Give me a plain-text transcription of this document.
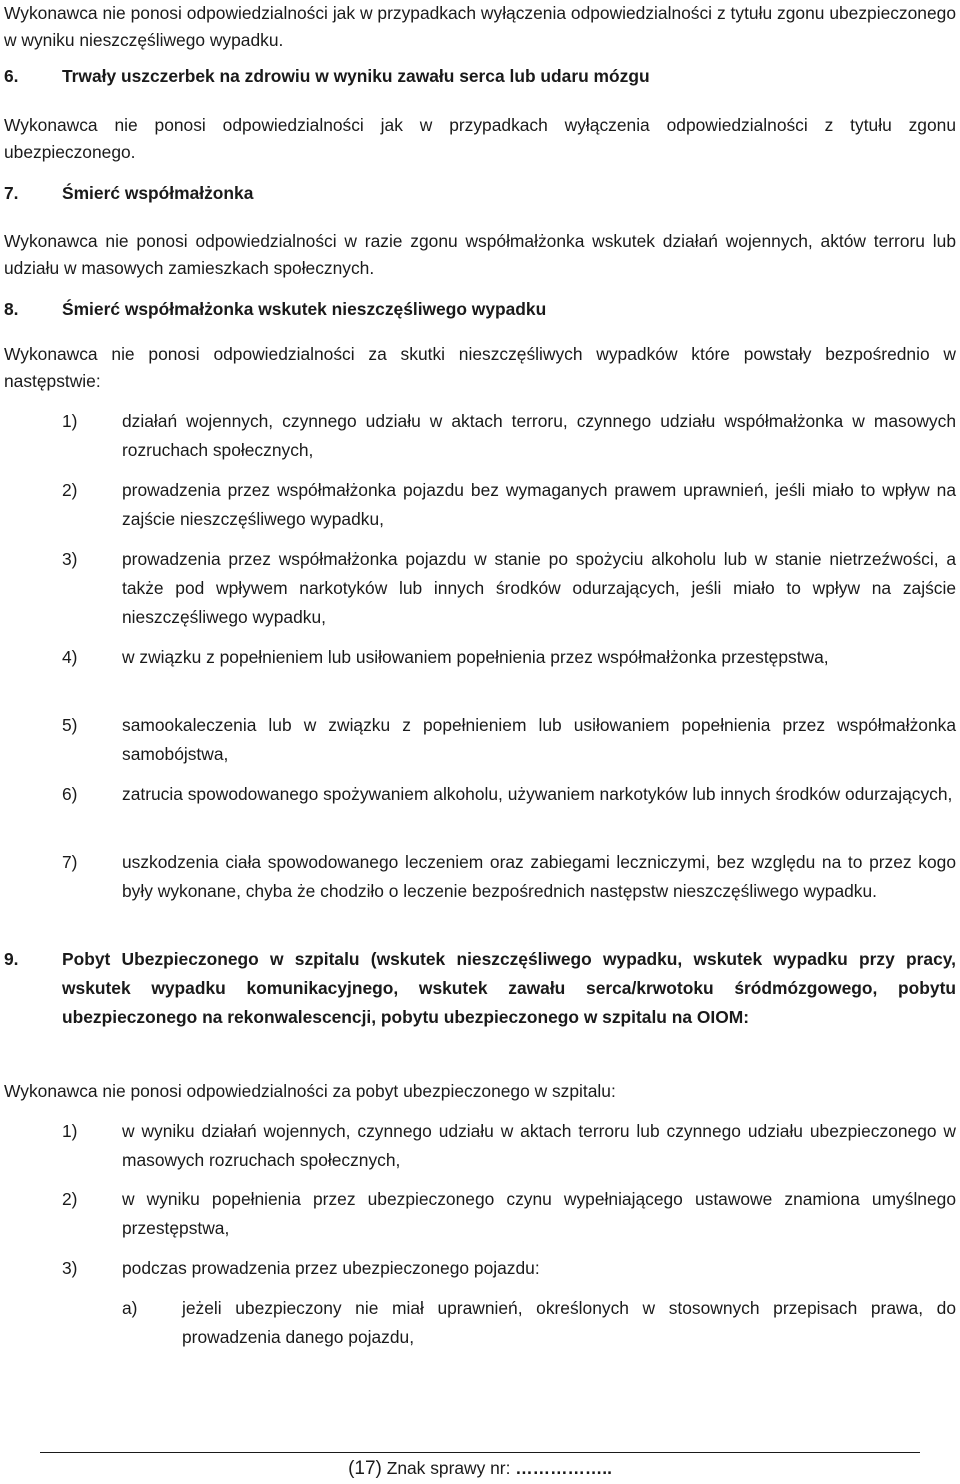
Wykonawca nie ponosi odpowiedzialności jak w przypadkach wyłączenia odpowiedzialności z tytułu zgonu ubezpieczonego w wyniku nieszczęśliwego wypadku.
6.	Trwały uszczerbek na zdrowiu w wyniku zawału serca lub udaru mózgu
Wykonawca nie ponosi odpowiedzialności jak w przypadkach wyłączenia odpowiedzialności z tytułu zgonu ubezpieczonego.
7.	Śmierć współmałżonka
Wykonawca nie ponosi odpowiedzialności w razie zgonu współmałżonka wskutek działań wojennych, aktów terroru lub udziału w masowych zamieszkach społecznych.
8.	Śmierć współmałżonka wskutek nieszczęśliwego wypadku
Wykonawca nie ponosi odpowiedzialności za skutki nieszczęśliwych wypadków które powstały bezpośrednio w następstwie:
1)	działań wojennych, czynnego udziału w aktach terroru, czynnego udziału współmałżonka w masowych rozruchach społecznych,
2)	prowadzenia przez współmałżonka pojazdu bez wymaganych prawem uprawnień, jeśli miało to wpływ na zajście nieszczęśliwego wypadku,
3)	prowadzenia przez współmałżonka pojazdu w stanie po spożyciu alkoholu lub w stanie nietrzeźwości, a także pod wpływem narkotyków lub innych środków odurzających, jeśli miało to wpływ na zajście nieszczęśliwego wypadku,
4)	w związku z popełnieniem lub usiłowaniem popełnienia przez współmałżonka przestępstwa,
5)	samookaleczenia lub w związku z popełnieniem lub usiłowaniem popełnienia przez współmałżonka samobójstwa,
6)	zatrucia spowodowanego spożywaniem alkoholu, używaniem narkotyków lub innych środków odurzających,
7)	uszkodzenia ciała spowodowanego leczeniem oraz zabiegami leczniczymi, bez względu na to przez kogo były wykonane, chyba że chodziło o leczenie bezpośrednich następstw nieszczęśliwego wypadku.
9.	Pobyt Ubezpieczonego w szpitalu (wskutek nieszczęśliwego wypadku, wskutek wypadku przy pracy, wskutek wypadku komunikacyjnego, wskutek zawału serca/krwotoku śródmózgowego, pobytu ubezpieczonego na rekonwalescencji, pobytu ubezpieczonego w szpitalu na OIOM:
Wykonawca nie ponosi odpowiedzialności za pobyt ubezpieczonego w szpitalu:
1)	w wyniku działań wojennych, czynnego udziału w aktach terroru lub czynnego udziału ubezpieczonego w masowych rozruchach społecznych,
2)	w wyniku popełnienia przez ubezpieczonego czynu wypełniającego ustawowe znamiona umyślnego przestępstwa,
3)	podczas prowadzenia przez ubezpieczonego pojazdu:
a)	jeżeli ubezpieczony nie miał uprawnień, określonych w stosownych przepisach prawa, do prowadzenia danego pojazdu,
(17) Znak sprawy nr: ……………..
